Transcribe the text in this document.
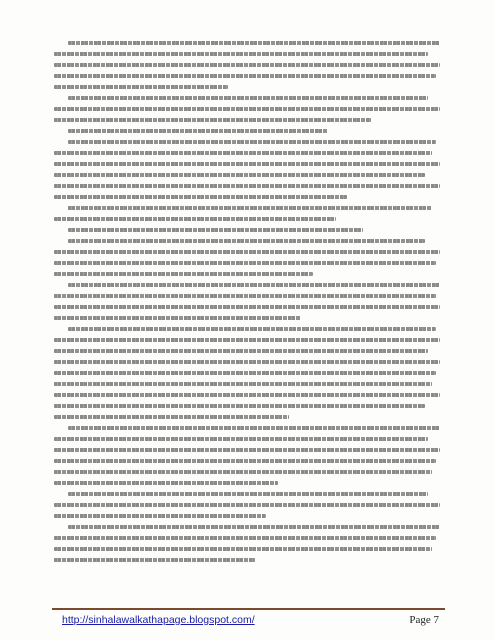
http://sinhalawalkathapage.blogspot.com/	Page 7
